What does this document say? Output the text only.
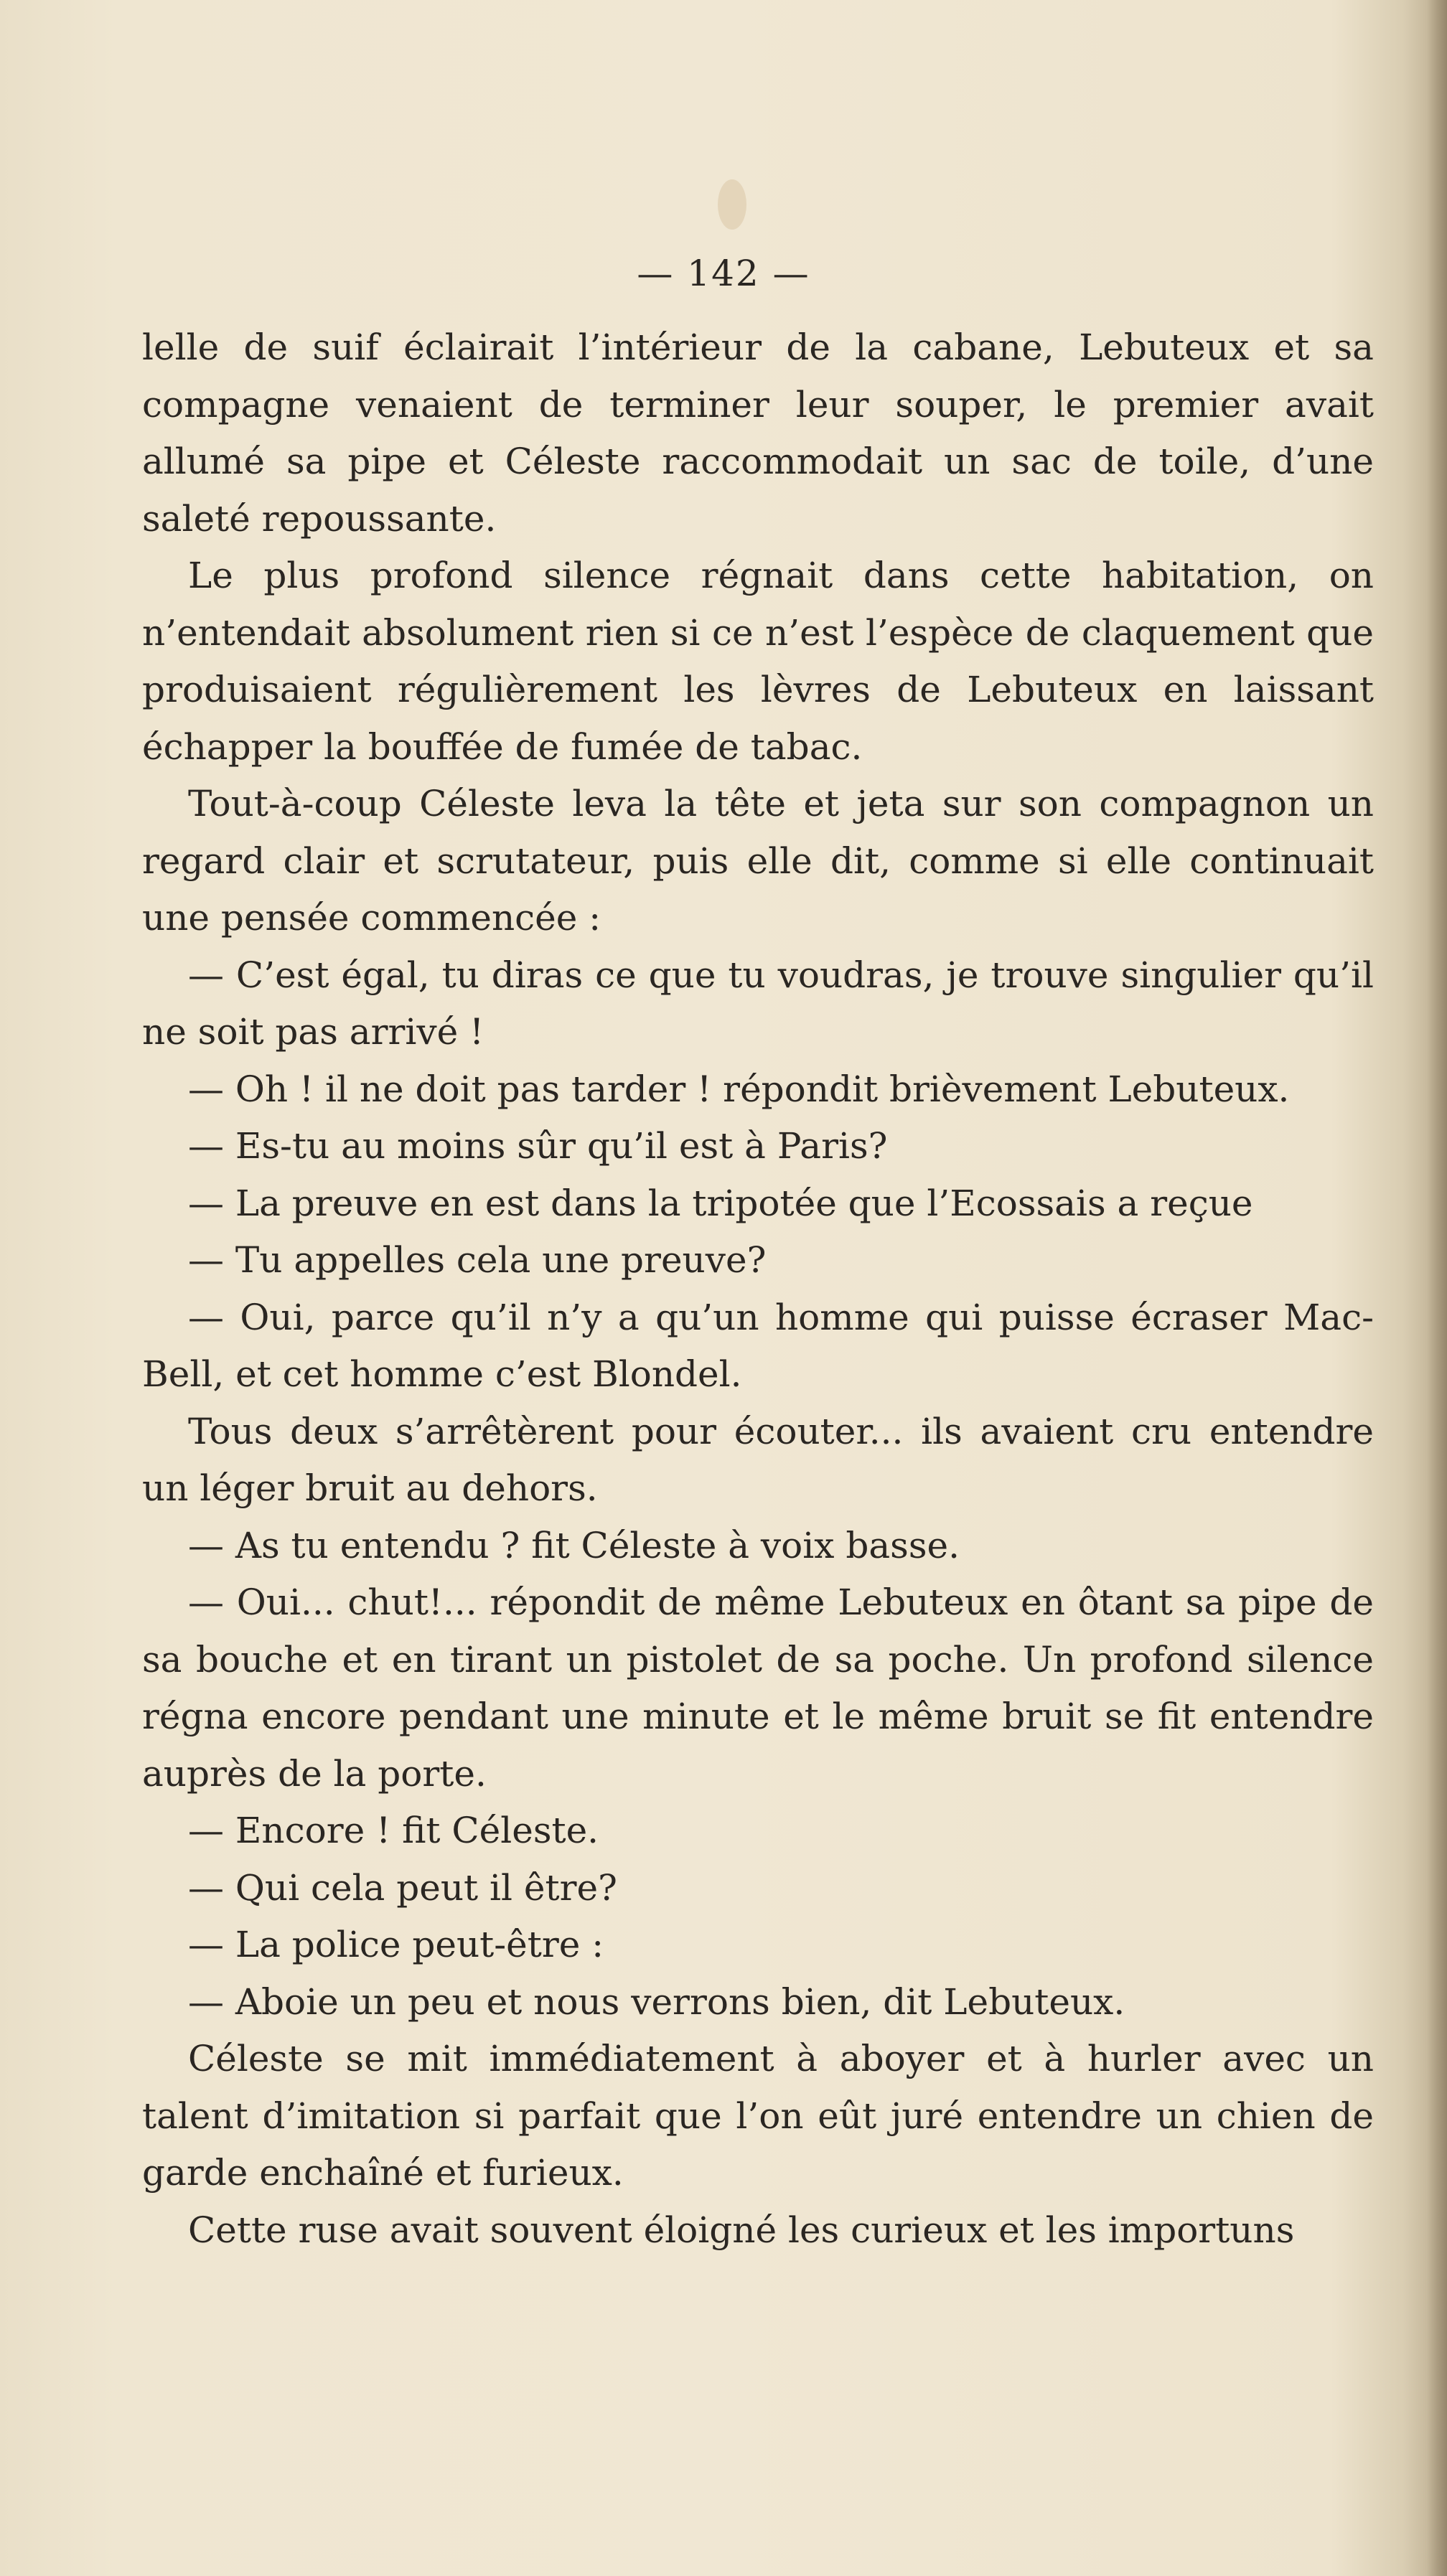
— 142 —

lelle de suif éclairait l’intérieur de la cabane, Lebuteux et sa compagne venaient de terminer leur souper, le premier avait allumé sa pipe et Céleste raccommodait un sac de toile, d’une saleté repoussante.

Le plus profond silence régnait dans cette habitation, on n’entendait absolument rien si ce n’est l’espèce de claquement que produisaient régulièrement les lèvres de Lebuteux en laissant échapper la bouffée de fumée de tabac.

Tout-à-coup Céleste leva la tête et jeta sur son compagnon un regard clair et scrutateur, puis elle dit, comme si elle continuait une pensée commencée :

— C’est égal, tu diras ce que tu voudras, je trouve singulier qu’il ne soit pas arrivé !

— Oh ! il ne doit pas tarder ! répondit brièvement Lebuteux.

— Es-tu au moins sûr qu’il est à Paris?

— La preuve en est dans la tripotée que l’Ecossais a reçue

— Tu appelles cela une preuve?

— Oui, parce qu’il n’y a qu’un homme qui puisse écraser Mac-Bell, et cet homme c’est Blondel.

Tous deux s’arrêtèrent pour écouter... ils avaient cru entendre un léger bruit au dehors.

— As tu entendu ? fit Céleste à voix basse.

— Oui... chut!... répondit de même Lebuteux en ôtant sa pipe de sa bouche et en tirant un pistolet de sa poche. Un profond silence régna encore pendant une minute et le même bruit se fit entendre auprès de la porte.

— Encore ! fit Céleste.

— Qui cela peut il être?

— La police peut-être :

— Aboie un peu et nous verrons bien, dit Lebuteux.

Céleste se mit immédiatement à aboyer et à hurler avec un talent d’imitation si parfait que l’on eût juré entendre un chien de garde enchaîné et furieux.

Cette ruse avait souvent éloigné les curieux et les importuns
